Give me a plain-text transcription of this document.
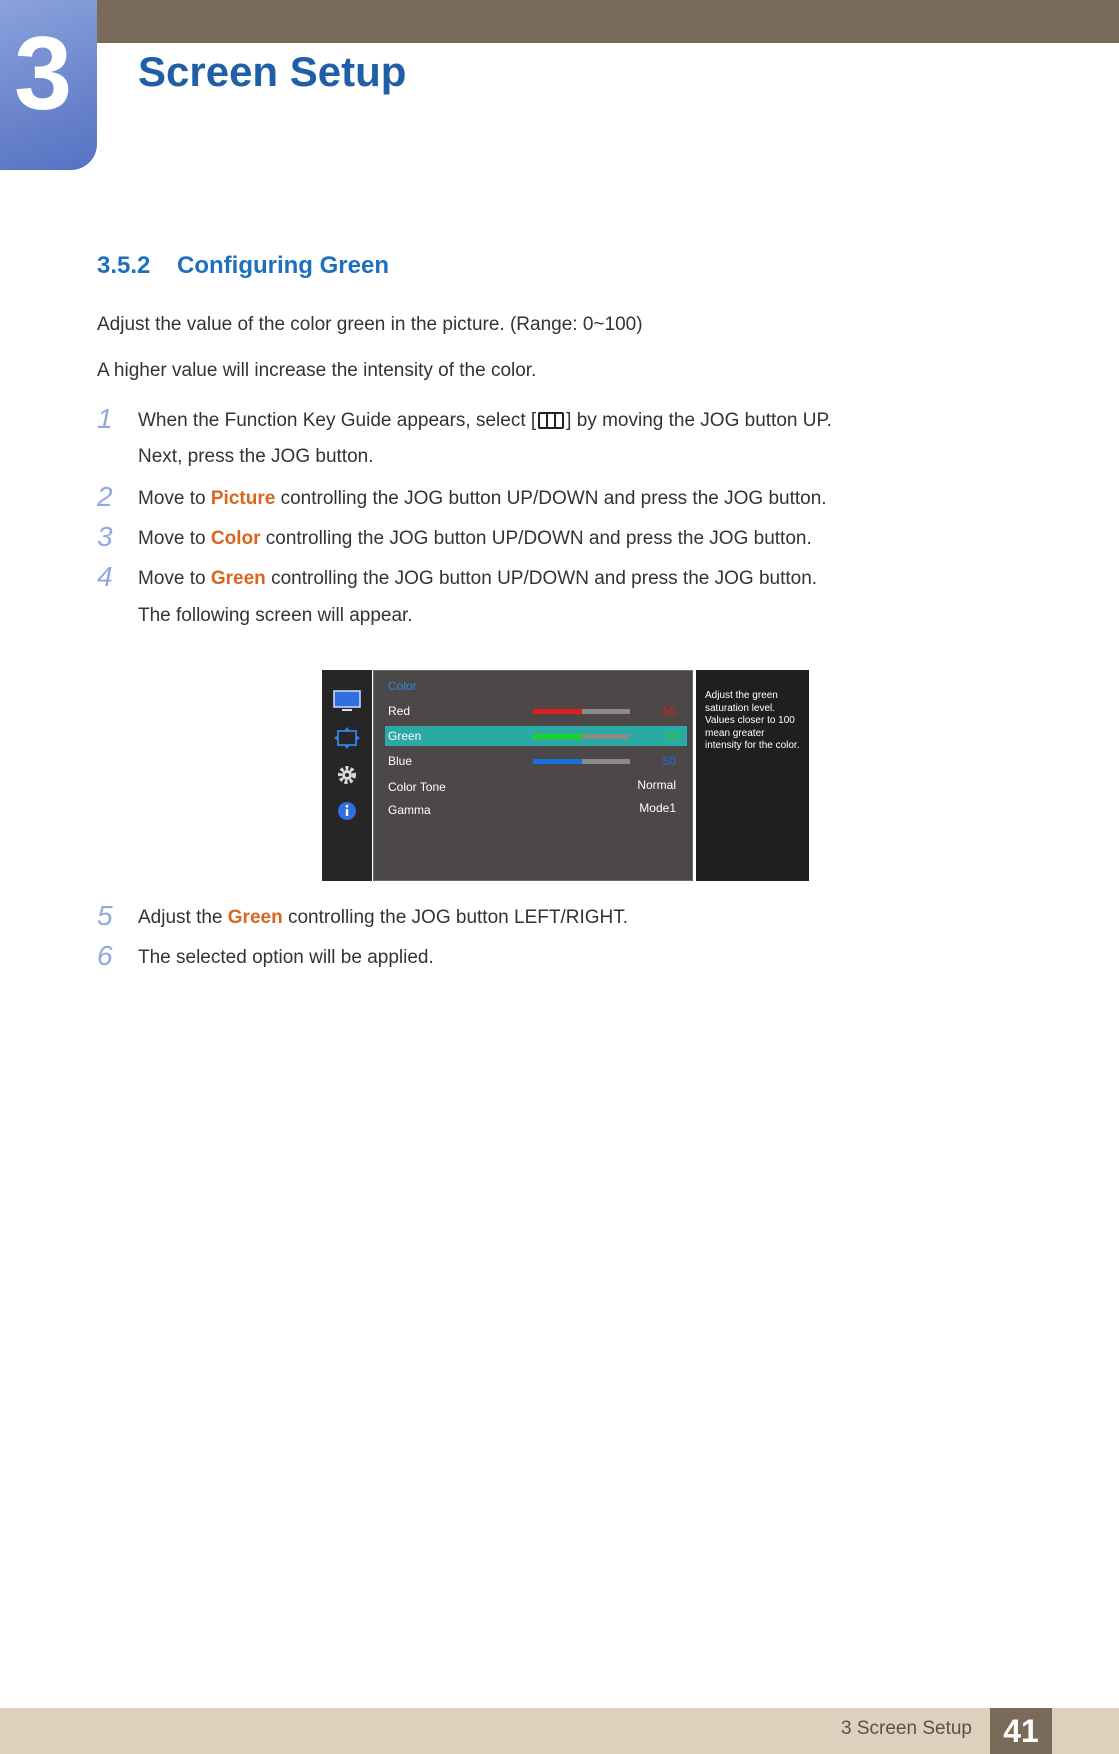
3	Screen Setup
3.5.2 Configuring Green
Adjust the value of the color green in the picture. (Range: 0~100)
A higher value will increase the intensity of the color.
1 When the Function Key Guide appears, select [ ] by moving the JOG button UP.
Next, press the JOG button.
2 Move to Picture controlling the JOG button UP/DOWN and press the JOG button.
3 Move to Color controlling the JOG button UP/DOWN and press the JOG button.
4 Move to Green controlling the JOG button UP/DOWN and press the JOG button.
The following screen will appear.
Color
Red	50
Green	50
Blue	50
Color Tone	Normal
Gamma	Mode1
Adjust the green saturation level. Values closer to 100 mean greater intensity for the color.
5 Adjust the Green controlling the JOG button LEFT/RIGHT.
6 The selected option will be applied.
3 Screen Setup 41
